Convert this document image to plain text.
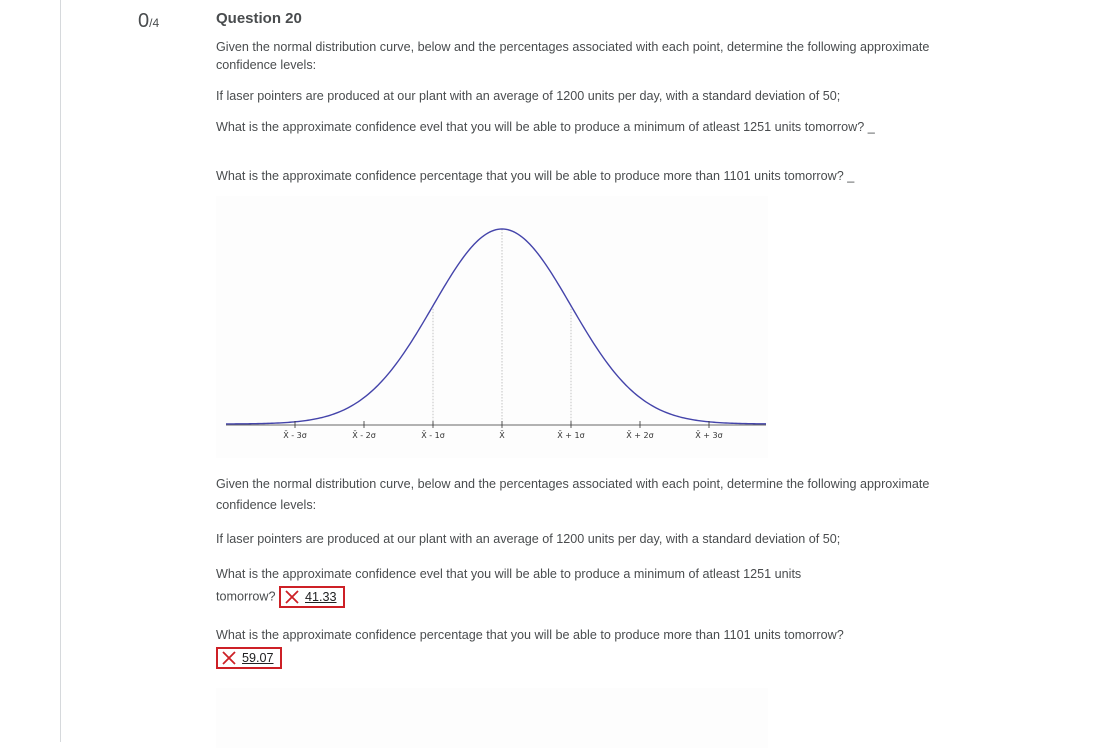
0/4	Question 20

Given the normal distribution curve, below and the percentages associated with each point, determine the following approximate confidence levels:

If laser pointers are produced at our plant with an average of 1200 units per day, with a standard deviation of 50;

What is the approximate confidence evel that you will be able to produce a minimum of atleast 1251 units tomorrow? _

What is the approximate confidence percentage that you will be able to produce more than 1101 units tomorrow? _

X̄ - 3σ	X̄ - 2σ	X̄ - 1σ	X̄	X̄ + 1σ	X̄ + 2σ	X̄ + 3σ

Given the normal distribution curve, below and the percentages associated with each point, determine the following approximate confidence levels:

If laser pointers are produced at our plant with an average of 1200 units per day, with a standard deviation of 50;

What is the approximate confidence evel that you will be able to produce a minimum of atleast 1251 units

tomorrow? 41.33

What is the approximate confidence percentage that you will be able to produce more than 1101 units tomorrow?

59.07
